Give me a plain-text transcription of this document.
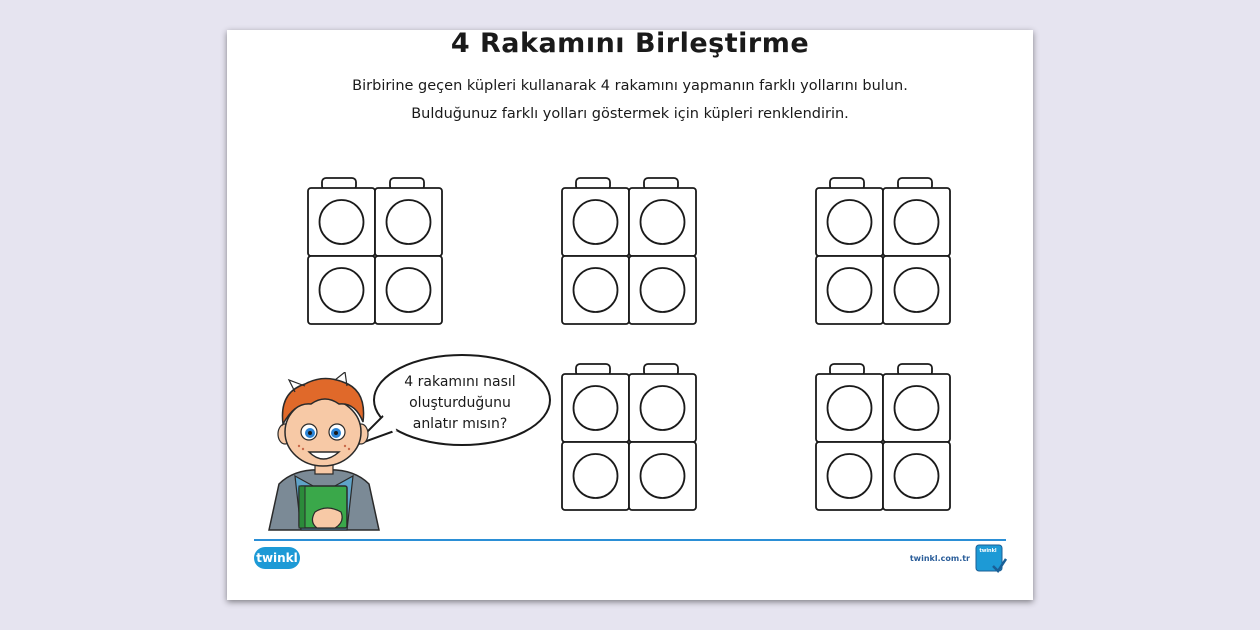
4 Rakamını Birleştirme
Birbirine geçen küpleri kullanarak 4 rakamını yapmanın farklı yollarını bulun.
Bulduğunuz farklı yolları göstermek için küpleri renklendirin.
4 rakamını nasıl
oluşturduğunu
anlatır mısın?
twinkl	twinkl.com.tr
twinkl
